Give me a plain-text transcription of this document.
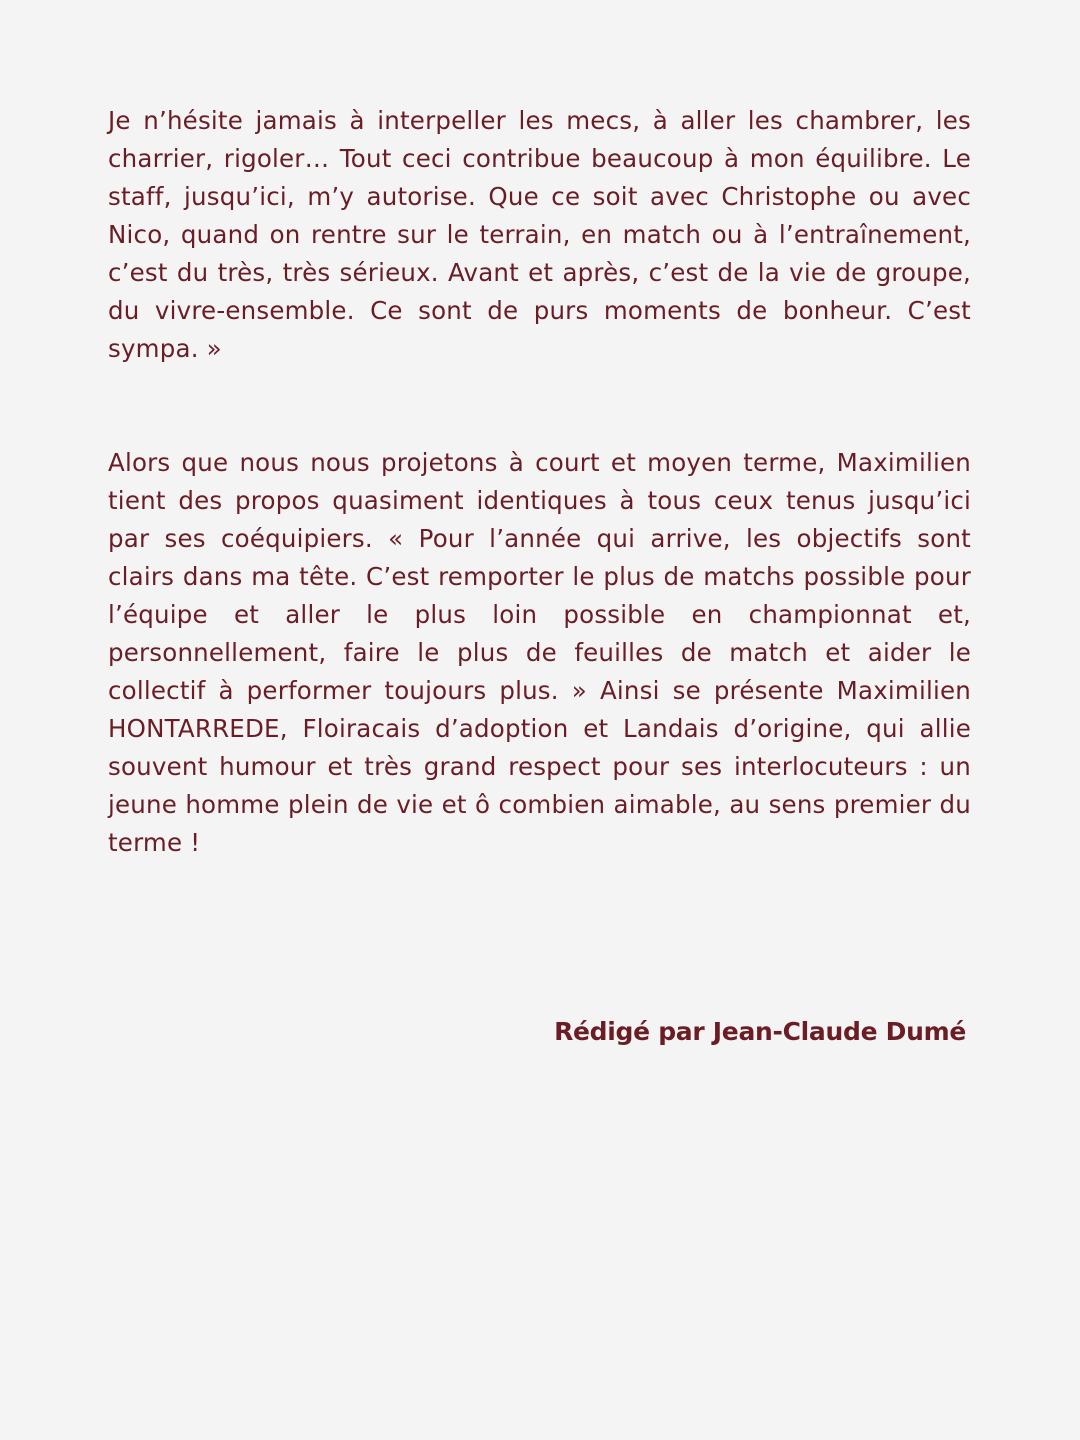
Je n’hésite jamais à interpeller les mecs, à aller les chambrer, les charrier, rigoler… Tout ceci contribue beaucoup à mon équilibre. Le staff, jusqu’ici, m’y autorise. Que ce soit avec Christophe ou avec Nico, quand on rentre sur le terrain, en match ou à l’entraînement, c’est du très, très sérieux. Avant et après, c’est de la vie de groupe, du vivre-ensemble. Ce sont de purs moments de bonheur. C’est sympa. »

Alors que nous nous projetons à court et moyen terme, Maximilien tient des propos quasiment identiques à tous ceux tenus jusqu’ici par ses coéquipiers. « Pour l’année qui arrive, les objectifs sont clairs dans ma tête. C’est remporter le plus de matchs possible pour l’équipe et aller le plus loin possible en championnat et, personnellement, faire le plus de feuilles de match et aider le collectif à performer toujours plus. » Ainsi se présente Maximilien HONTARREDE, Floiracais d’adoption et Landais d’origine, qui allie souvent humour et très grand respect pour ses interlocuteurs : un jeune homme plein de vie et ô combien aimable, au sens premier du terme !

Rédigé par Jean-Claude Dumé
